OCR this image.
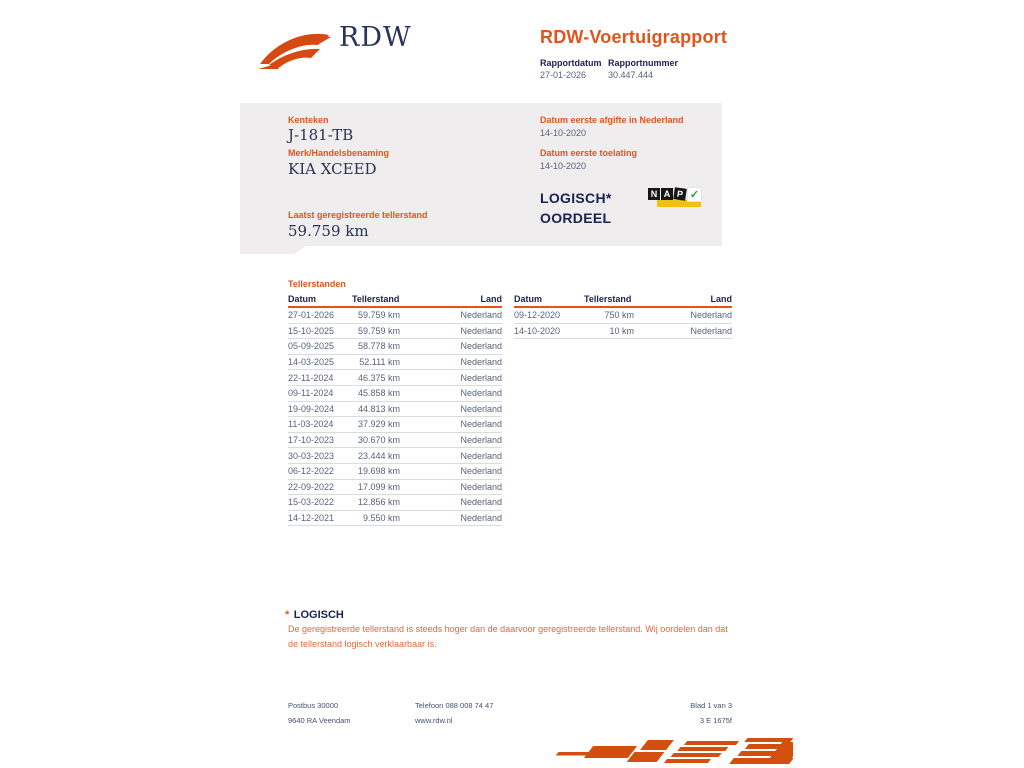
RDW	RDW-Voertuigrapport
Rapportdatum
27-01-2026
Rapportnummer
30.447.444
Kenteken
J-181-TB
Merk/Handelsbenaming
KIA XCEED
Laatst geregistreerde tellerstand
59.759 km
Datum eerste afgifte in Nederland
14-10-2020
Datum eerste toelating
14-10-2020
LOGISCH*
OORDEEL
N A P ✓
Tellerstanden
Datum	Tellerstand	Land
27-01-2026	59.759 km	Nederland
15-10-2025	59.759 km	Nederland
05-09-2025	58.778 km	Nederland
14-03-2025	52.111 km	Nederland
22-11-2024	46.375 km	Nederland
09-11-2024	45.858 km	Nederland
19-09-2024	44.813 km	Nederland
11-03-2024	37.929 km	Nederland
17-10-2023	30.670 km	Nederland
30-03-2023	23.444 km	Nederland
06-12-2022	19.698 km	Nederland
22-09-2022	17.099 km	Nederland
15-03-2022	12.856 km	Nederland
14-12-2021	9.550 km	Nederland
Datum	Tellerstand	Land
09-12-2020	750 km	Nederland
14-10-2020	10 km	Nederland
* LOGISCH
De geregistreerde tellerstand is steeds hoger dan de daarvoor geregistreerde tellerstand. Wij oordelen dan dat de tellerstand logisch verklaarbaar is.
Postbus 30000
9640 RA Veendam
Telefoon 088 008 74 47
www.rdw.nl
Blad 1 van 3
3 E 1675f
